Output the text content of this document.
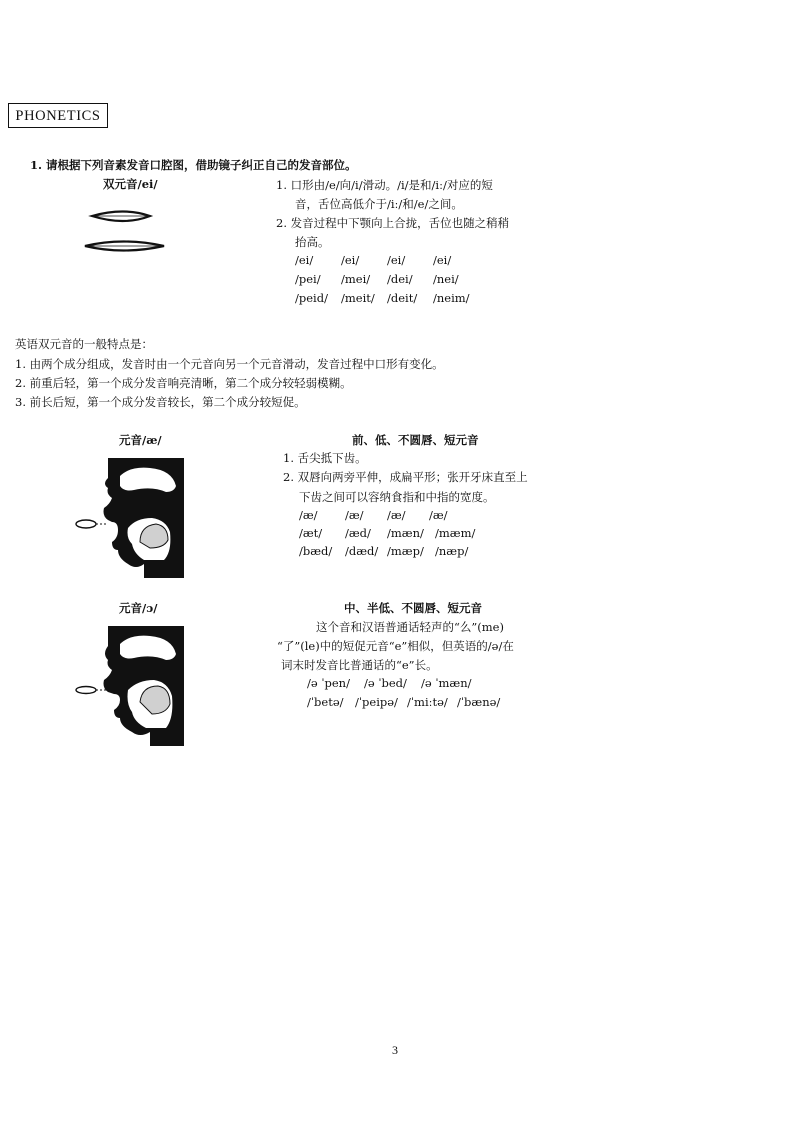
PHONETICS
1. 请根据下列音素发音口腔图，借助镜子纠正自己的发音部位。
双元音/ei/	1. 口形由/e/向/i/滑动。/i/是和/iː/对应的短
音，舌位高低介于/iː/和/e/之间。
2. 发音过程中下颚向上合拢，舌位也随之稍稍
抬高。
/ei/ /ei/ /ei/ /ei/
/pei/ /mei/ /dei/ /nei/
/peid/ /meit/ /deit/ /neim/
英语双元音的一般特点是：
1. 由两个成分组成，发音时由一个元音向另一个元音滑动，发音过程中口形有变化。
2. 前重后轻，第一个成分发音响亮清晰，第二个成分较轻弱模糊。
3. 前长后短，第一个成分发音较长，第二个成分较短促。
元音/æ/	前、低、不圆唇、短元音
1. 舌尖抵下齿。
2. 双唇向两旁平伸，成扁平形；张开牙床直至上
下齿之间可以容纳食指和中指的宽度。
/æ/ /æ/ /æ/ /æ/
/æt/ /æd/ /mæn/ /mæm/
/bæd/ /dæd/ /mæp/ /næp/
元音/ɔ/	中、半低、不圆唇、短元音
这个音和汉语普通话轻声的“么”(me)
“了”(le)中的短促元音“e”相似，但英语的/ə/在
词末时发音比普通话的“e”长。
/ə ˈpen/ /ə ˈbed/ /ə ˈmæn/
/ˈbetə/ /ˈpeipə/ /ˈmiːtə/ /ˈbænə/
3
